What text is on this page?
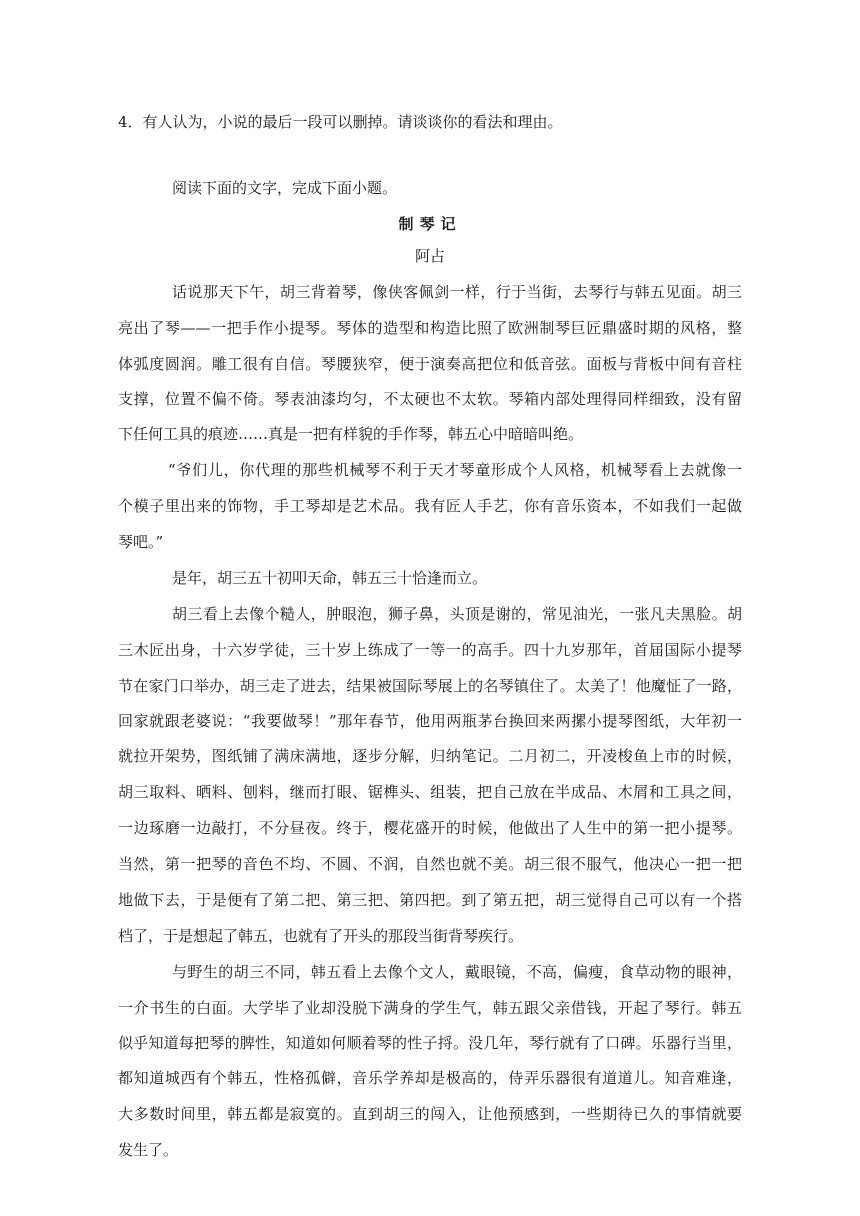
4．有人认为，小说的最后一段可以删掉。请谈谈你的看法和理由。
阅读下面的文字，完成下面小题。
制琴记
阿占
话说那天下午，胡三背着琴，像侠客佩剑一样，行于当街，去琴行与韩五见面。胡三
亮出了琴——一把手作小提琴。琴体的造型和构造比照了欧洲制琴巨匠鼎盛时期的风格，整
体弧度圆润。雕工很有自信。琴腰狭窄，便于演奏高把位和低音弦。面板与背板中间有音柱
支撑，位置不偏不倚。琴表油漆均匀，不太硬也不太软。琴箱内部处理得同样细致，没有留
下任何工具的痕迹……真是一把有样貌的手作琴，韩五心中暗暗叫绝。
“爷们儿，你代理的那些机械琴不利于天才琴童形成个人风格，机械琴看上去就像一
个模子里出来的饰物，手工琴却是艺术品。我有匠人手艺，你有音乐资本，不如我们一起做
琴吧。”
是年，胡三五十初叩天命，韩五三十恰逢而立。
胡三看上去像个糙人，肿眼泡，狮子鼻，头顶是谢的，常见油光，一张凡夫黑脸。胡
三木匠出身，十六岁学徒，三十岁上练成了一等一的高手。四十九岁那年，首届国际小提琴
节在家门口举办，胡三走了进去，结果被国际琴展上的名琴镇住了。太美了！他魔怔了一路，
回家就跟老婆说：“我要做琴！”那年春节，他用两瓶茅台换回来两摞小提琴图纸，大年初一
就拉开架势，图纸铺了满床满地，逐步分解，归纳笔记。二月初二，开凌梭鱼上市的时候，
胡三取料、晒料、刨料，继而打眼、锯榫头、组装，把自己放在半成品、木屑和工具之间，
一边琢磨一边敲打，不分昼夜。终于，樱花盛开的时候，他做出了人生中的第一把小提琴。
当然，第一把琴的音色不均、不圆、不润，自然也就不美。胡三很不服气，他决心一把一把
地做下去，于是便有了第二把、第三把、第四把。到了第五把，胡三觉得自己可以有一个搭
档了，于是想起了韩五，也就有了开头的那段当街背琴疾行。
与野生的胡三不同，韩五看上去像个文人，戴眼镜，不高，偏瘦，食草动物的眼神，
一介书生的白面。大学毕了业却没脱下满身的学生气，韩五跟父亲借钱，开起了琴行。韩五
似乎知道每把琴的脾性，知道如何顺着琴的性子捋。没几年，琴行就有了口碑。乐器行当里，
都知道城西有个韩五，性格孤僻，音乐学养却是极高的，侍弄乐器很有道道儿。知音难逢，
大多数时间里，韩五都是寂寞的。直到胡三的闯入，让他预感到，一些期待已久的事情就要
发生了。
